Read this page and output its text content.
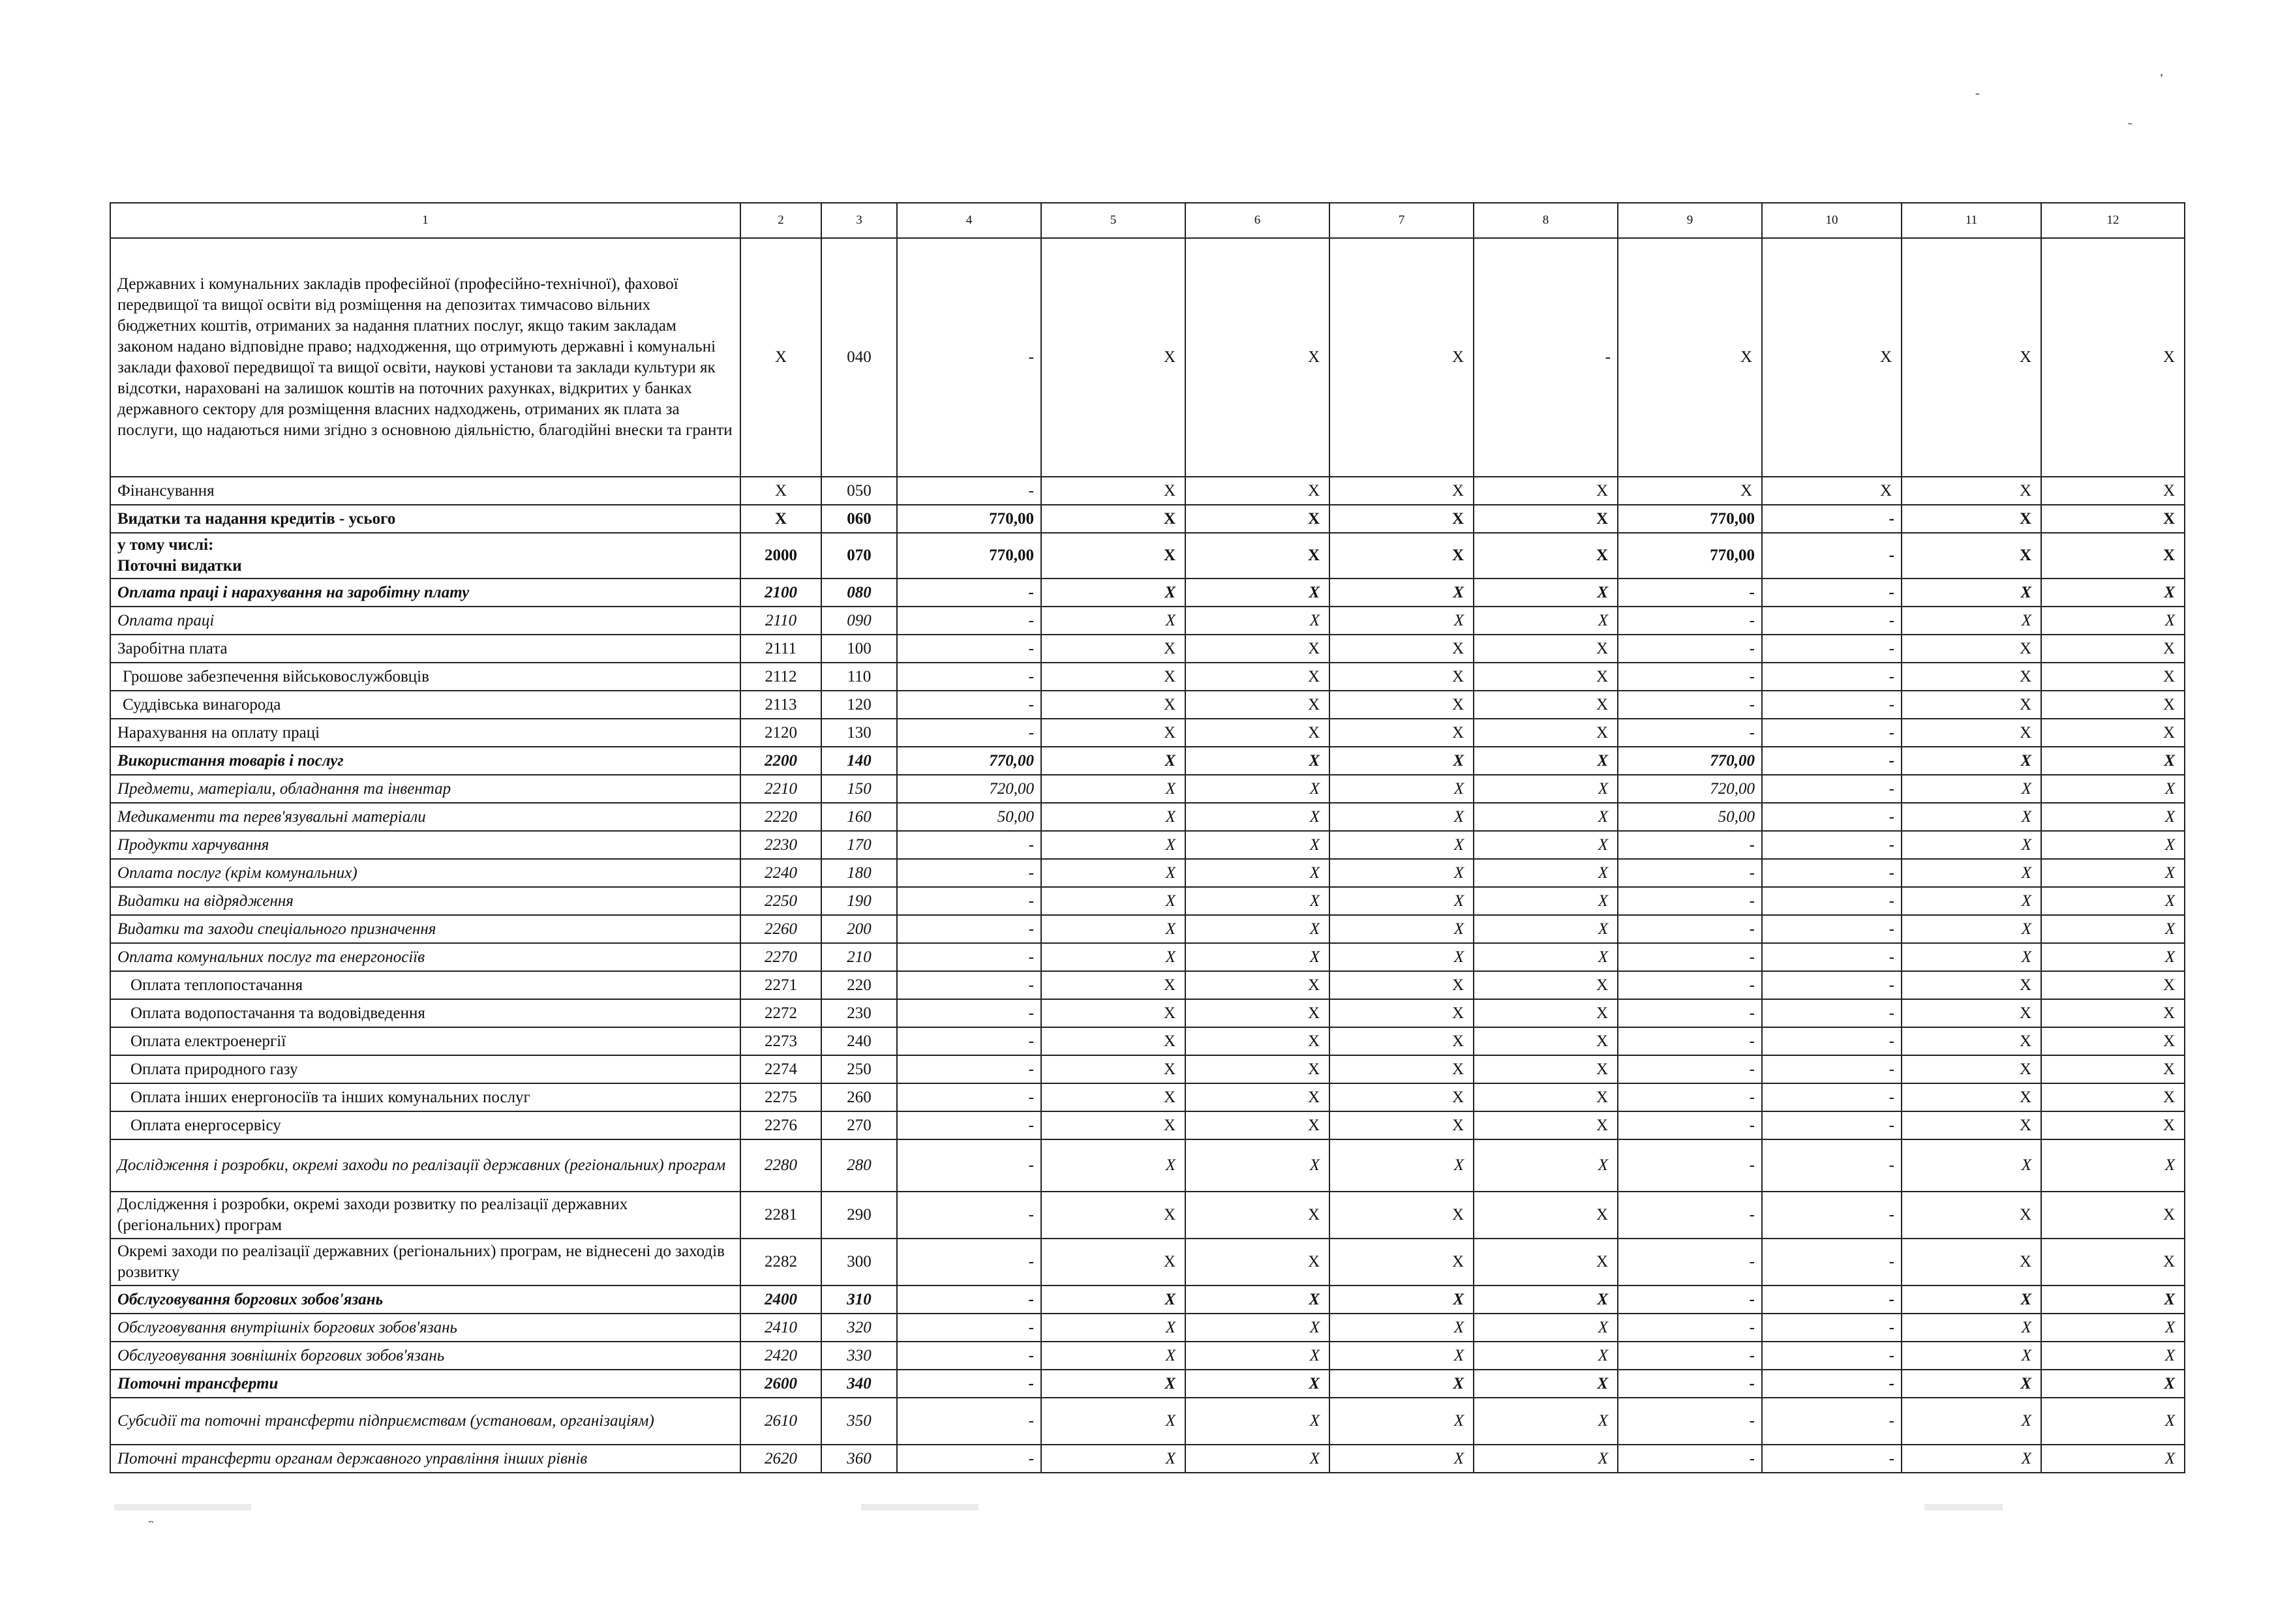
ʼ
˜
-
˵
1	2	3	4	5	6	7	8	9	10	11	12
Державних і комунальних закладів професійної (професійно-технічної), фахової передвищої та вищої освіти від розміщення на депозитах тимчасово вільних бюджетних коштів, отриманих за надання платних послуг, якщо таким закладам законом надано відповідне право; надходження, що отримують державні і комунальні заклади фахової передвищої та вищої освіти, наукові установи та заклади культури як відсотки, нараховані на залишок коштів на поточних рахунках, відкритих у банках державного сектору для розміщення власних надходжень, отриманих як плата за послуги, що надаються ними згідно з основною діяльністю, благодійні внески та гранти	X	040	-	X	X	X	-	X	X	X	X
Фінансування	X	050	-	X	X	X	X	X	X	X	X
Видатки та надання кредитів - усього	X	060	770,00	X	X	X	X	770,00	-	X	X
у тому числі:
Поточні видатки	2000	070	770,00	X	X	X	X	770,00	-	X	X
Оплата праці і нарахування на заробітну плату	2100	080	-	X	X	X	X	-	-	X	X
Оплата праці	2110	090	-	X	X	X	X	-	-	X	X
Заробітна плата	2111	100	-	X	X	X	X	-	-	X	X
Грошове забезпечення військовослужбовців	2112	110	-	X	X	X	X	-	-	X	X
Суддівська винагорода	2113	120	-	X	X	X	X	-	-	X	X
Нарахування на оплату праці	2120	130	-	X	X	X	X	-	-	X	X
Використання товарів і послуг	2200	140	770,00	X	X	X	X	770,00	-	X	X
Предмети, матеріали, обладнання та інвентар	2210	150	720,00	X	X	X	X	720,00	-	X	X
Медикаменти та перев'язувальні матеріали	2220	160	50,00	X	X	X	X	50,00	-	X	X
Продукти харчування	2230	170	-	X	X	X	X	-	-	X	X
Оплата послуг (крім комунальних)	2240	180	-	X	X	X	X	-	-	X	X
Видатки на відрядження	2250	190	-	X	X	X	X	-	-	X	X
Видатки та заходи спеціального призначення	2260	200	-	X	X	X	X	-	-	X	X
Оплата комунальних послуг та енергоносіїв	2270	210	-	X	X	X	X	-	-	X	X
Оплата теплопостачання	2271	220	-	X	X	X	X	-	-	X	X
Оплата водопостачання та водовідведення	2272	230	-	X	X	X	X	-	-	X	X
Оплата електроенергії	2273	240	-	X	X	X	X	-	-	X	X
Оплата природного газу	2274	250	-	X	X	X	X	-	-	X	X
Оплата інших енергоносіїв та інших комунальних послуг	2275	260	-	X	X	X	X	-	-	X	X
Оплата енергосервісу	2276	270	-	X	X	X	X	-	-	X	X
Дослідження і розробки, окремі заходи по реалізації державних (регіональних) програм	2280	280	-	X	X	X	X	-	-	X	X
Дослідження і розробки, окремі заходи розвитку по реалізації державних (регіональних) програм	2281	290	-	X	X	X	X	-	-	X	X
Окремі заходи по реалізації державних (регіональних) програм, не віднесені до заходів розвитку	2282	300	-	X	X	X	X	-	-	X	X
Обслуговування боргових зобов'язань	2400	310	-	X	X	X	X	-	-	X	X
Обслуговування внутрішніх боргових зобов'язань	2410	320	-	X	X	X	X	-	-	X	X
Обслуговування зовнішніх боргових зобов'язань	2420	330	-	X	X	X	X	-	-	X	X
Поточні трансферти	2600	340	-	X	X	X	X	-	-	X	X
Субсидії та поточні трансферти підприємствам (установам, організаціям)	2610	350	-	X	X	X	X	-	-	X	X
Поточні трансферти органам державного управління інших рівнів	2620	360	-	X	X	X	X	-	-	X	X
